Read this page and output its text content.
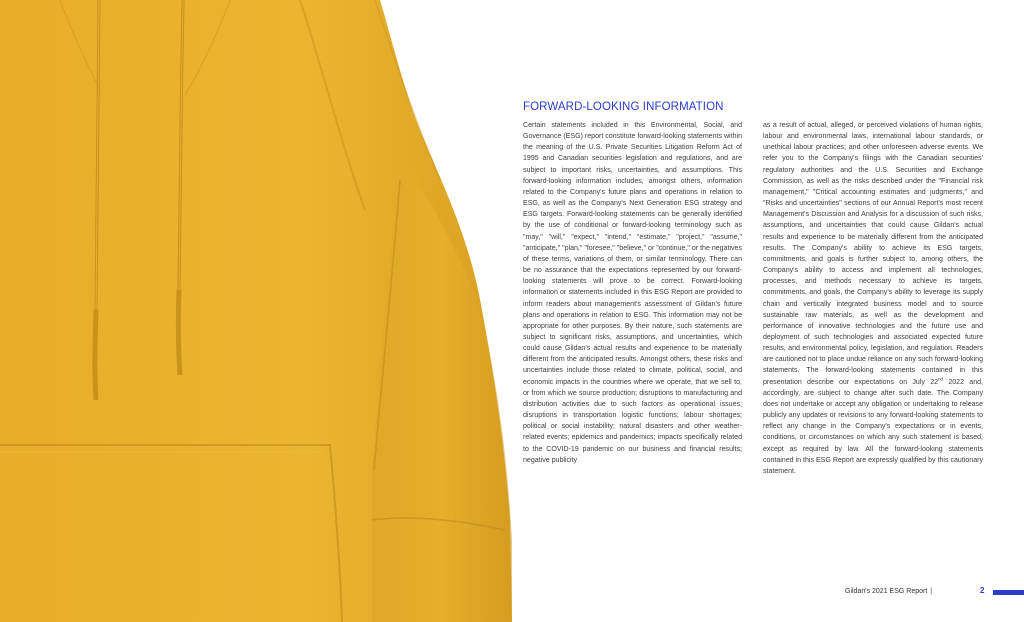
FORWARD-LOOKING INFORMATION
Certain statements included in this Environmental, Social, and Governance (ESG) report constitute forward-looking statements within the meaning of the U.S. Private Securities Litigation Reform Act of 1995 and Canadian securities legislation and regulations, and are subject to important risks, uncertainties, and assumptions. This forward-looking information includes, amongst others, information related to the Company's future plans and operations in relation to ESG, as well as the Company's Next Generation ESG strategy and ESG targets. Forward-looking statements can be generally identified by the use of conditional or forward-looking terminology such as "may," "will," "expect," "intend," "estimate," "project," "assume," "anticipate," "plan," "foresee," "believe," or "continue," or the negatives of these terms, variations of them, or similar terminology. There can be no assurance that the expectations represented by our forward-looking statements will prove to be correct. Forward-looking information or statements included in this ESG Report are provided to inform readers about management's assessment of Gildan's future plans and operations in relation to ESG. This information may not be appropriate for other purposes. By their nature, such statements are subject to significant risks, assumptions, and uncertainties, which could cause Gildan's actual results and experience to be materially different from the anticipated results. Amongst others, these risks and uncertainties include those related to climate, political, social, and economic impacts in the countries where we operate, that we sell to, or from which we source production; disruptions to manufacturing and distribution activities due to such factors as operational issues; disruptions in transportation logistic functions; labour shortages; political or social instability; natural disasters and other weather-related events; epidemics and pandemics; impacts specifically related to the COVID-19 pandemic on our business and financial results; negative publicity
as a result of actual, alleged, or perceived violations of human rights, labour and environmental laws, international labour standards, or unethical labour practices; and other unforeseen adverse events. We refer you to the Company's filings with the Canadian securities' regulatory authorities and the U.S. Securities and Exchange Commission, as well as the risks described under the "Financial risk management," "Critical accounting estimates and judgments," and "Risks and uncertainties" sections of our Annual Report's most recent Management's Discussion and Analysis for a discussion of such risks, assumptions, and uncertainties that could cause Gildan's actual results and experience to be materially different from the anticipated results. The Company's ability to achieve its ESG targets, commitments, and goals is further subject to, among others, the Company's ability to access and implement all technologies, processes, and methods necessary to achieve its targets, commitments, and goals, the Company's ability to leverage its supply chain and vertically integrated business model and to source sustainable raw materials, as well as the development and performance of innovative technologies and the future use and deployment of such technologies and associated expected future results, and environmental policy, legislation, and regulation. Readers are cautioned not to place undue reliance on any such forward-looking statements. The forward-looking statements contained in this presentation describe our expectations on July 22nd 2022 and, accordingly, are subject to change after such date. The Company does not undertake or accept any obligation or undertaking to release publicly any updates or revisions to any forward-looking statements to reflect any change in the Company's expectations or in events, conditions, or circumstances on which any such statement is based, except as required by law. All the forward-looking statements contained in this ESG Report are expressly qualified by this cautionary statement.
Gildan's 2021 ESG Report |	2
